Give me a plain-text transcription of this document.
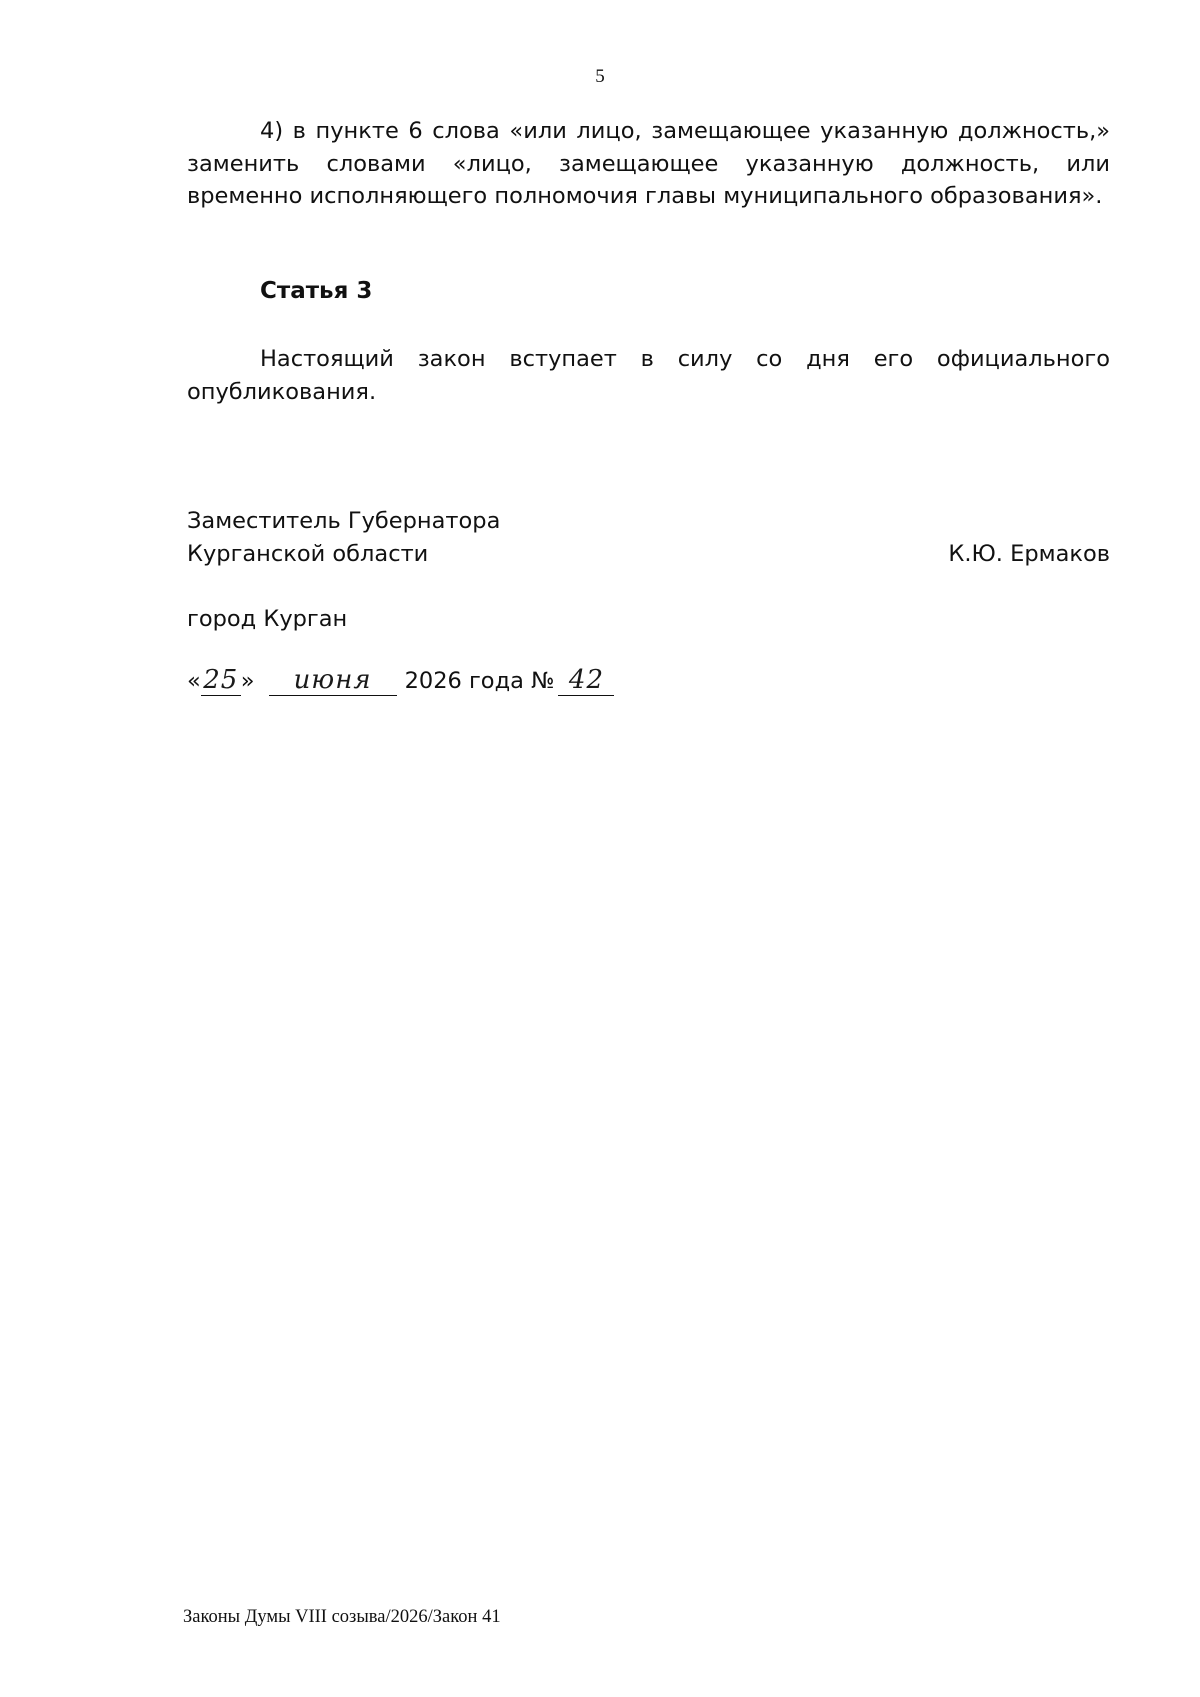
5

4) в пункте 6 слова «или лицо, замещающее указанную должность,» заменить словами «лицо, замещающее указанную должность, или временно исполняющего полномочия главы муниципального образования».

Статья 3

Настоящий закон вступает в силу со дня его официального опубликования.

Заместитель Губернатора
Курганской области	К.Ю. Ермаков
город Курган
«25 » июня 2026 года № 42
Законы Думы VIII созыва/2026/Закон 41
